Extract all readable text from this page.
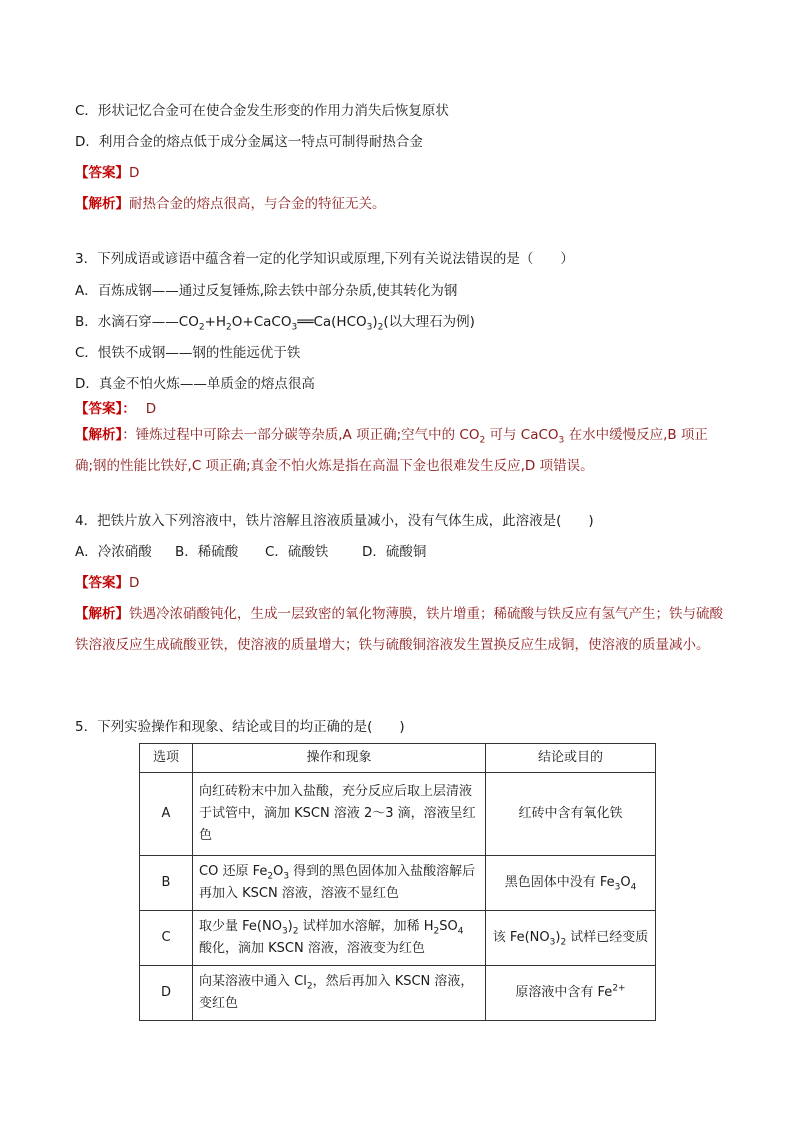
C．形状记忆合金可在使合金发生形变的作用力消失后恢复原状
D．利用合金的熔点低于成分金属这一特点可制得耐热合金
【答案】D
【解析】耐热合金的熔点很高，与合金的特征无关。
3．下列成语或谚语中蕴含着一定的化学知识或原理,下列有关说法错误的是（　　）
A．百炼成钢——通过反复锤炼,除去铁中部分杂质,使其转化为钢
B．水滴石穿$——CO_2+H_2O+CaCO_3══Ca(HCO_3)_2$(以大理石为例)
C．恨铁不成钢——钢的性能远优于铁
D．真金不怕火炼——单质金的熔点很高
【答案】： D
【解析】：锤炼过程中可除去一部分碳等杂质,A 项正确;空气中的 $CO_2$ 可与 CaCO$_3$ 在水中缓慢反应,B 项正确;钢的性能比铁好,C 项正确;真金不怕火炼是指在高温下金也很难发生反应,D 项错误。
4．把铁片放入下列溶液中，铁片溶解且溶液质量减小，没有气体生成，此溶液是(　　)
A．冷浓硝酸 B．稀硫酸 C．硫酸铁 D．硫酸铜
【答案】D
【解析】铁遇冷浓硝酸钝化，生成一层致密的氧化物薄膜，铁片增重；稀硫酸与铁反应有氢气产生；铁与硫酸铁溶液反应生成硫酸亚铁，使溶液的质量增大；铁与硫酸铜溶液发生置换反应生成铜，使溶液的质量减小。
5．下列实验操作和现象、结论或目的均正确的是(　　)
选项	操作和现象	结论或目的
A	向红砖粉末中加入盐酸，充分反应后取上层清液于试管中，滴加 KSCN 溶液 2～3 滴，溶液呈红色	红砖中含有氧化铁
B	CO 还原 $Fe_2O_3$ 得到的黑色固体加入盐酸溶解后再加入 KSCN 溶液，溶液不显红色	黑色固体中没有 $Fe_3O_4$
C	取少量 $Fe(NO_3)_2$ 试样加水溶解，加稀 $H_2SO_4$ 酸化，滴加 KSCN 溶液，溶液变为红色	该 $Fe(NO_3)_2$ 试样已经变质
D	向某溶液中通入 $Cl_2$，然后再加入 KSCN 溶液，变红色	原溶液中含有 $Fe^{2+}$
